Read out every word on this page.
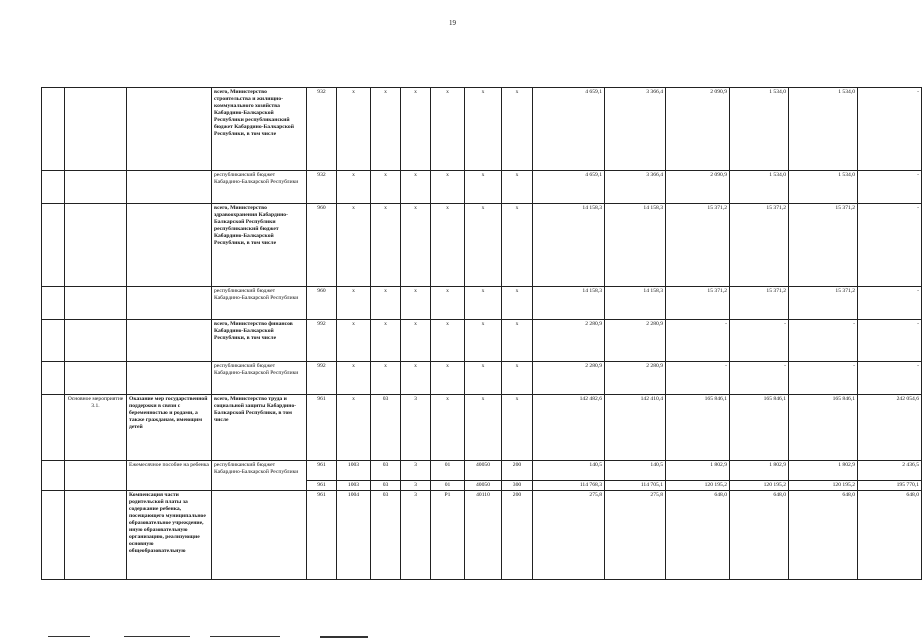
19
			всего, Министерство строительства и жилищно-коммунального хозяйства Кабардино-Балкарской Республики республиканский бюджет Кабардино-Балкарской Республики, в том числе	932	x	x	x	x	x	x	4 659,1	3 366,4	2 090,9	1 534,0	1 534,0	-
			республиканский бюджет Кабардино-Балкарской Республики	932	x	x	x	x	x	x	4 659,1	3 366,4	2 090,9	1 534,0	1 534,0	-
			всего, Министерство здравоохранения Кабардино-Балкарской Республики республиканский бюджет Кабардино-Балкарской Республики, в том числе	960	x	x	x	x	x	x	14 158,3	14 158,3	15 371,2	15 371,2	15 371,2	-
			республиканский бюджет Кабардино-Балкарской Республики	960	x	x	x	x	x	x	14 158,3	14 158,3	15 371,2	15 371,2	15 371,2	-
			всего, Министерство финансов Кабардино-Балкарской Республики, в том числе	992	x	x	x	x	x	x	2 280,9	2 280,9	-	-	-	-
			республиканский бюджет Кабардино-Балкарской Республики	992	x	x	x	x	x	x	2 280,9	2 280,9	-	-	-	-
	Основное мероприятие 3.1.	Оказание мер государственной поддержки в связи с беременностью и родами, а также гражданам, имеющим детей	всего, Министерство труда и социальной защиты Кабардино-Балкарской Республики, в том числе	961	x	03	3	x	x	x	142 482,6	142 410,4	165 846,1	165 846,1	165 846,1	242 054,6
		Ежемесячное пособие на ребенка	республиканский бюджет Кабардино-Балкарской Республики	961	1003	03	3	01	40050	200	140,5	140,5	1 802,9	1 802,9	1 802,9	2 436,5
				961	1003	03	3	01	40050	300	114 768,3	114 705,1	120 195,2	120 195,2	120 195,2	195 770,1
		Компенсация части родительской платы за содержание ребенка, посещающего муниципальное образовательное учреждение, иную образовательную организацию, реализующие основную общеобразовательную		961	1004	03	3	P1	40110	200	275,8	275,8	648,0	648,0	648,0	648,0
